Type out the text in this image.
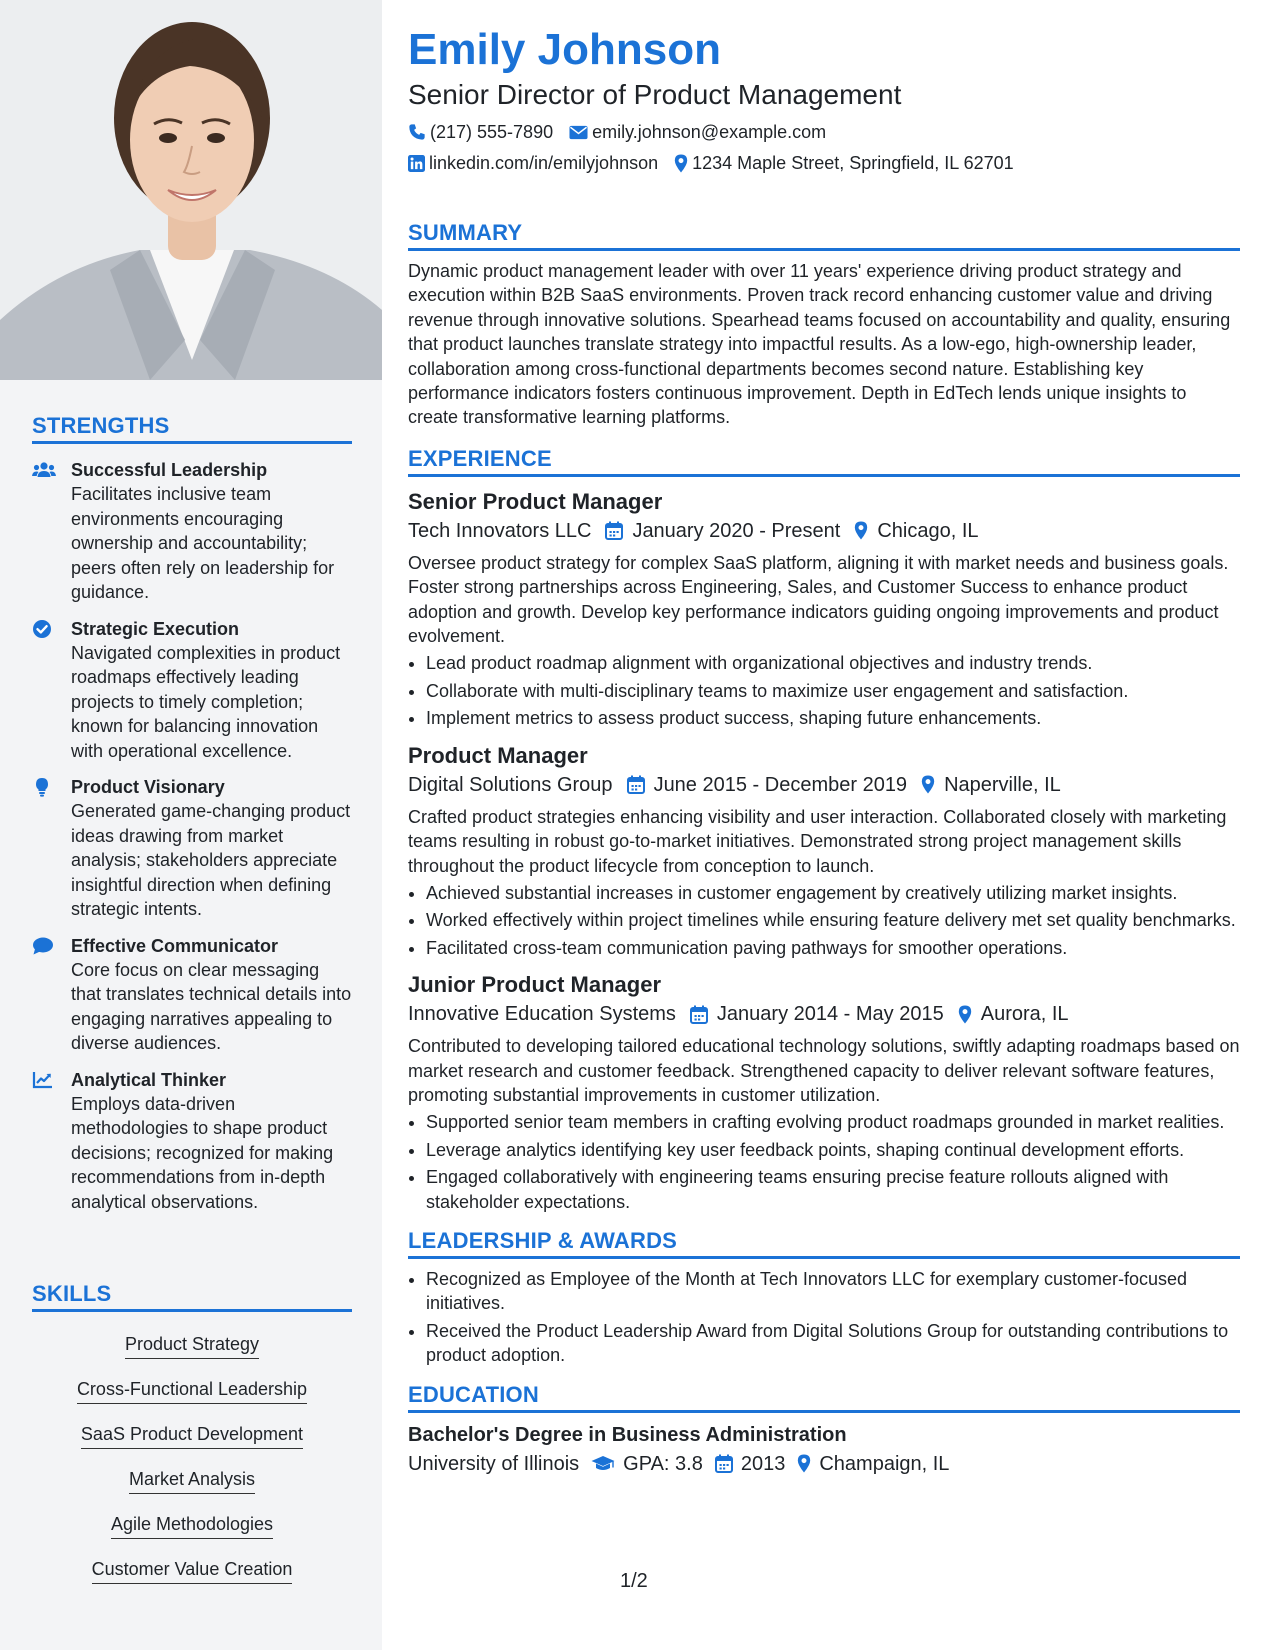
STRENGTHS
Successful Leadership
Facilitates inclusive team environments encouraging ownership and accountability; peers often rely on leadership for guidance.
Strategic Execution
Navigated complexities in product roadmaps effectively leading projects to timely completion; known for balancing innovation with operational excellence.
Product Visionary
Generated game-changing product ideas drawing from market analysis; stakeholders appreciate insightful direction when defining strategic intents.
Effective Communicator
Core focus on clear messaging that translates technical details into engaging narratives appealing to diverse audiences.
Analytical Thinker
Employs data-driven methodologies to shape product decisions; recognized for making recommendations from in-depth analytical observations.
SKILLS
Product Strategy
Cross-Functional Leadership
SaaS Product Development
Market Analysis
Agile Methodologies
Customer Value Creation
Emily Johnson
Senior Director of Product Management
(217) 555-7890 emily.johnson@example.com
linkedin.com/in/emilyjohnson 1234 Maple Street, Springfield, IL 62701
SUMMARY
Dynamic product management leader with over 11 years' experience driving product strategy and execution within B2B SaaS environments. Proven track record enhancing customer value and driving revenue through innovative solutions. Spearhead teams focused on accountability and quality, ensuring that product launches translate strategy into impactful results. As a low-ego, high-ownership leader, collaboration among cross-functional departments becomes second nature. Establishing key performance indicators fosters continuous improvement. Depth in EdTech lends unique insights to create transformative learning platforms.
EXPERIENCE
Senior Product Manager
Tech Innovators LLC January 2020 - Present Chicago, IL
Oversee product strategy for complex SaaS platform, aligning it with market needs and business goals. Foster strong partnerships across Engineering, Sales, and Customer Success to enhance product adoption and growth. Develop key performance indicators guiding ongoing improvements and product evolvement.
• Lead product roadmap alignment with organizational objectives and industry trends.
• Collaborate with multi-disciplinary teams to maximize user engagement and satisfaction.
• Implement metrics to assess product success, shaping future enhancements.
Product Manager
Digital Solutions Group June 2015 - December 2019 Naperville, IL
Crafted product strategies enhancing visibility and user interaction. Collaborated closely with marketing teams resulting in robust go-to-market initiatives. Demonstrated strong project management skills throughout the product lifecycle from conception to launch.
• Achieved substantial increases in customer engagement by creatively utilizing market insights.
• Worked effectively within project timelines while ensuring feature delivery met set quality benchmarks.
• Facilitated cross-team communication paving pathways for smoother operations.
Junior Product Manager
Innovative Education Systems January 2014 - May 2015 Aurora, IL
Contributed to developing tailored educational technology solutions, swiftly adapting roadmaps based on market research and customer feedback. Strengthened capacity to deliver relevant software features, promoting substantial improvements in customer utilization.
• Supported senior team members in crafting evolving product roadmaps grounded in market realities.
• Leverage analytics identifying key user feedback points, shaping continual development efforts.
• Engaged collaboratively with engineering teams ensuring precise feature rollouts aligned with stakeholder expectations.
LEADERSHIP & AWARDS
• Recognized as Employee of the Month at Tech Innovators LLC for exemplary customer-focused initiatives.
• Received the Product Leadership Award from Digital Solutions Group for outstanding contributions to product adoption.
EDUCATION
Bachelor's Degree in Business Administration
University of Illinois GPA: 3.8 2013 Champaign, IL
1/2
